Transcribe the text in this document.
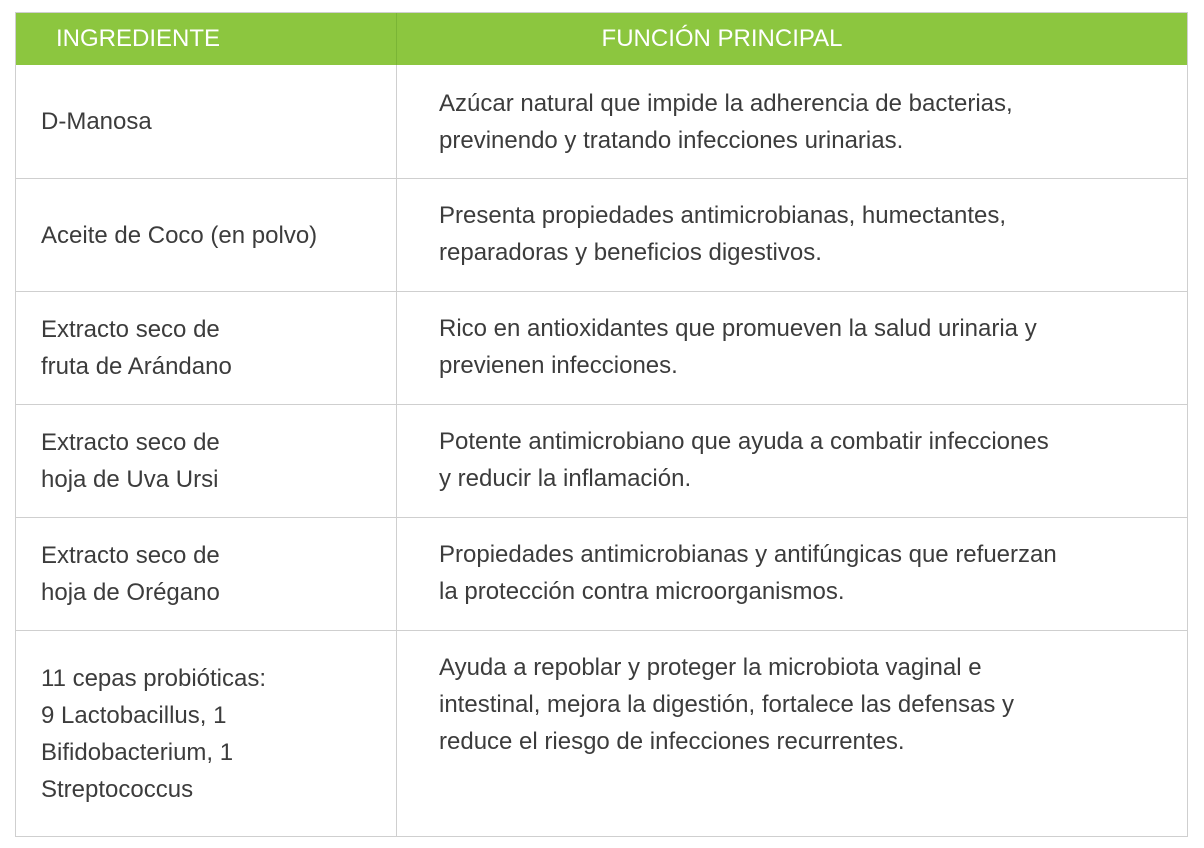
INGREDIENTE	FUNCIÓN PRINCIPAL
D-Manosa
Azúcar natural que impide la adherencia de bacterias,
previnendo y tratando infecciones urinarias.
Aceite de Coco (en polvo)
Presenta propiedades antimicrobianas, humectantes,
reparadoras y beneficios digestivos.
Extracto seco de
fruta de Arándano
Rico en antioxidantes que promueven la salud urinaria y
previenen infecciones.
Extracto seco de
hoja de Uva Ursi
Potente antimicrobiano que ayuda a combatir infecciones
y reducir la inflamación.
Extracto seco de
hoja de Orégano
Propiedades antimicrobianas y antifúngicas que refuerzan
la protección contra microorganismos.
11 cepas probióticas:
9 Lactobacillus, 1
Bifidobacterium, 1
Streptococcus
Ayuda a repoblar y proteger la microbiota vaginal e
intestinal, mejora la digestión, fortalece las defensas y
reduce el riesgo de infecciones recurrentes.
